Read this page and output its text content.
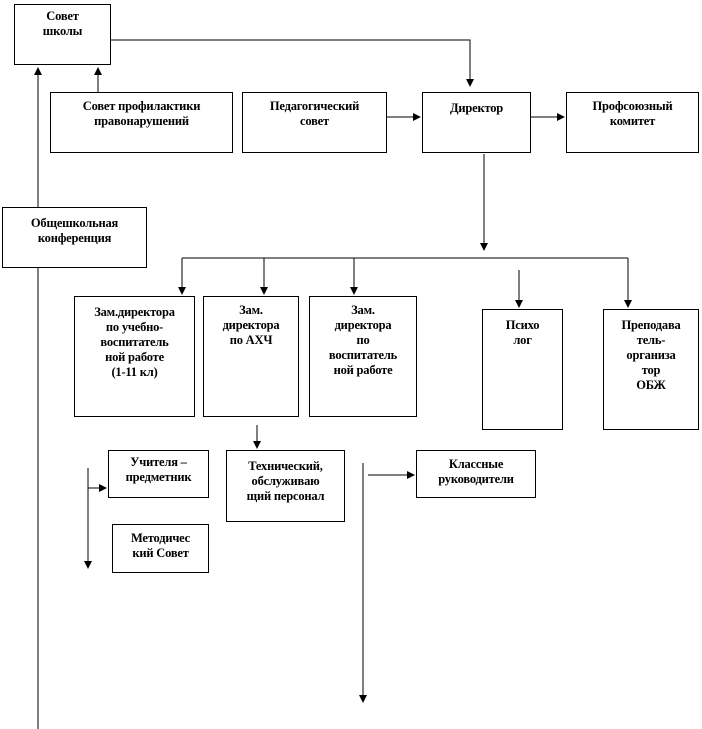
Совет
школы
Совет профилактики
правонарушений
Педагогический
совет
Директор	Профсоюзный
комитет
Общешкольная
конференция
Зам.директора
по учебно-
воспитатель
ной работе
(1-11 кл)
Зам.
директора
по АХЧ
Зам.
директора
по
воспитатель
ной работе
Психо
лог
Преподава
тель-
организа
тор
ОБЖ
Учителя –
предметник
Технический,
обслуживаю
щий персонал
Классные
руководители
Методичес
кий Совет
